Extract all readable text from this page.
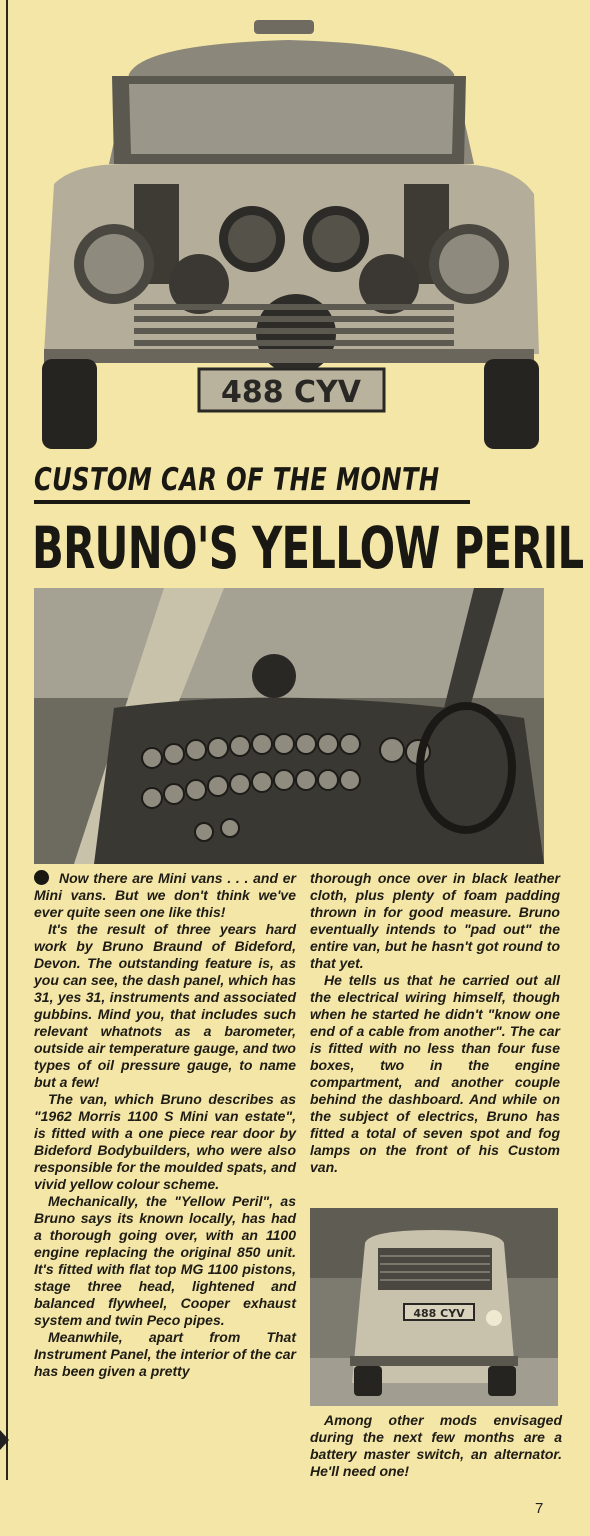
488 CYV
CUSTOM CAR OF THE MONTH
BRUNO'S YELLOW PERIL

Now there are Mini vans . . . and er Mini vans. But we don't think we've ever quite seen one like this!

It's the result of three years hard work by Bruno Braund of Bideford, Devon. The outstanding feature is, as you can see, the dash panel, which has 31, yes 31, instruments and associated gubbins. Mind you, that includes such relevant whatnots as a barometer, outside air temperature gauge, and two types of oil pressure gauge, to name but a few!

The van, which Bruno describes as "1962 Morris 1100 S Mini van estate", is fitted with a one piece rear door by Bideford Bodybuilders, who were also responsible for the moulded spats, and vivid yellow colour scheme.

Mechanically, the "Yellow Peril", as Bruno says its known locally, has had a thorough going over, with an 1100 engine replacing the original 850 unit. It's fitted with flat top MG 1100 pistons, stage three head, lightened and balanced flywheel, Cooper exhaust system and twin Peco pipes.

Meanwhile, apart from That Instrument Panel, the interior of the car has been given a pretty

thorough once over in black leather cloth, plus plenty of foam padding thrown in for good measure. Bruno eventually intends to "pad out" the entire van, but he hasn't got round to that yet.

He tells us that he carried out all the electrical wiring himself, though when he started he didn't "know one end of a cable from another". The car is fitted with no less than four fuse boxes, two in the engine compartment, and another couple behind the dashboard. And while on the subject of electrics, Bruno has fitted a total of seven spot and fog lamps on the front of his Custom van.

488 CYV
Among other mods envisaged during the next few months are a battery master switch, an alternator. He'll need one!
7
